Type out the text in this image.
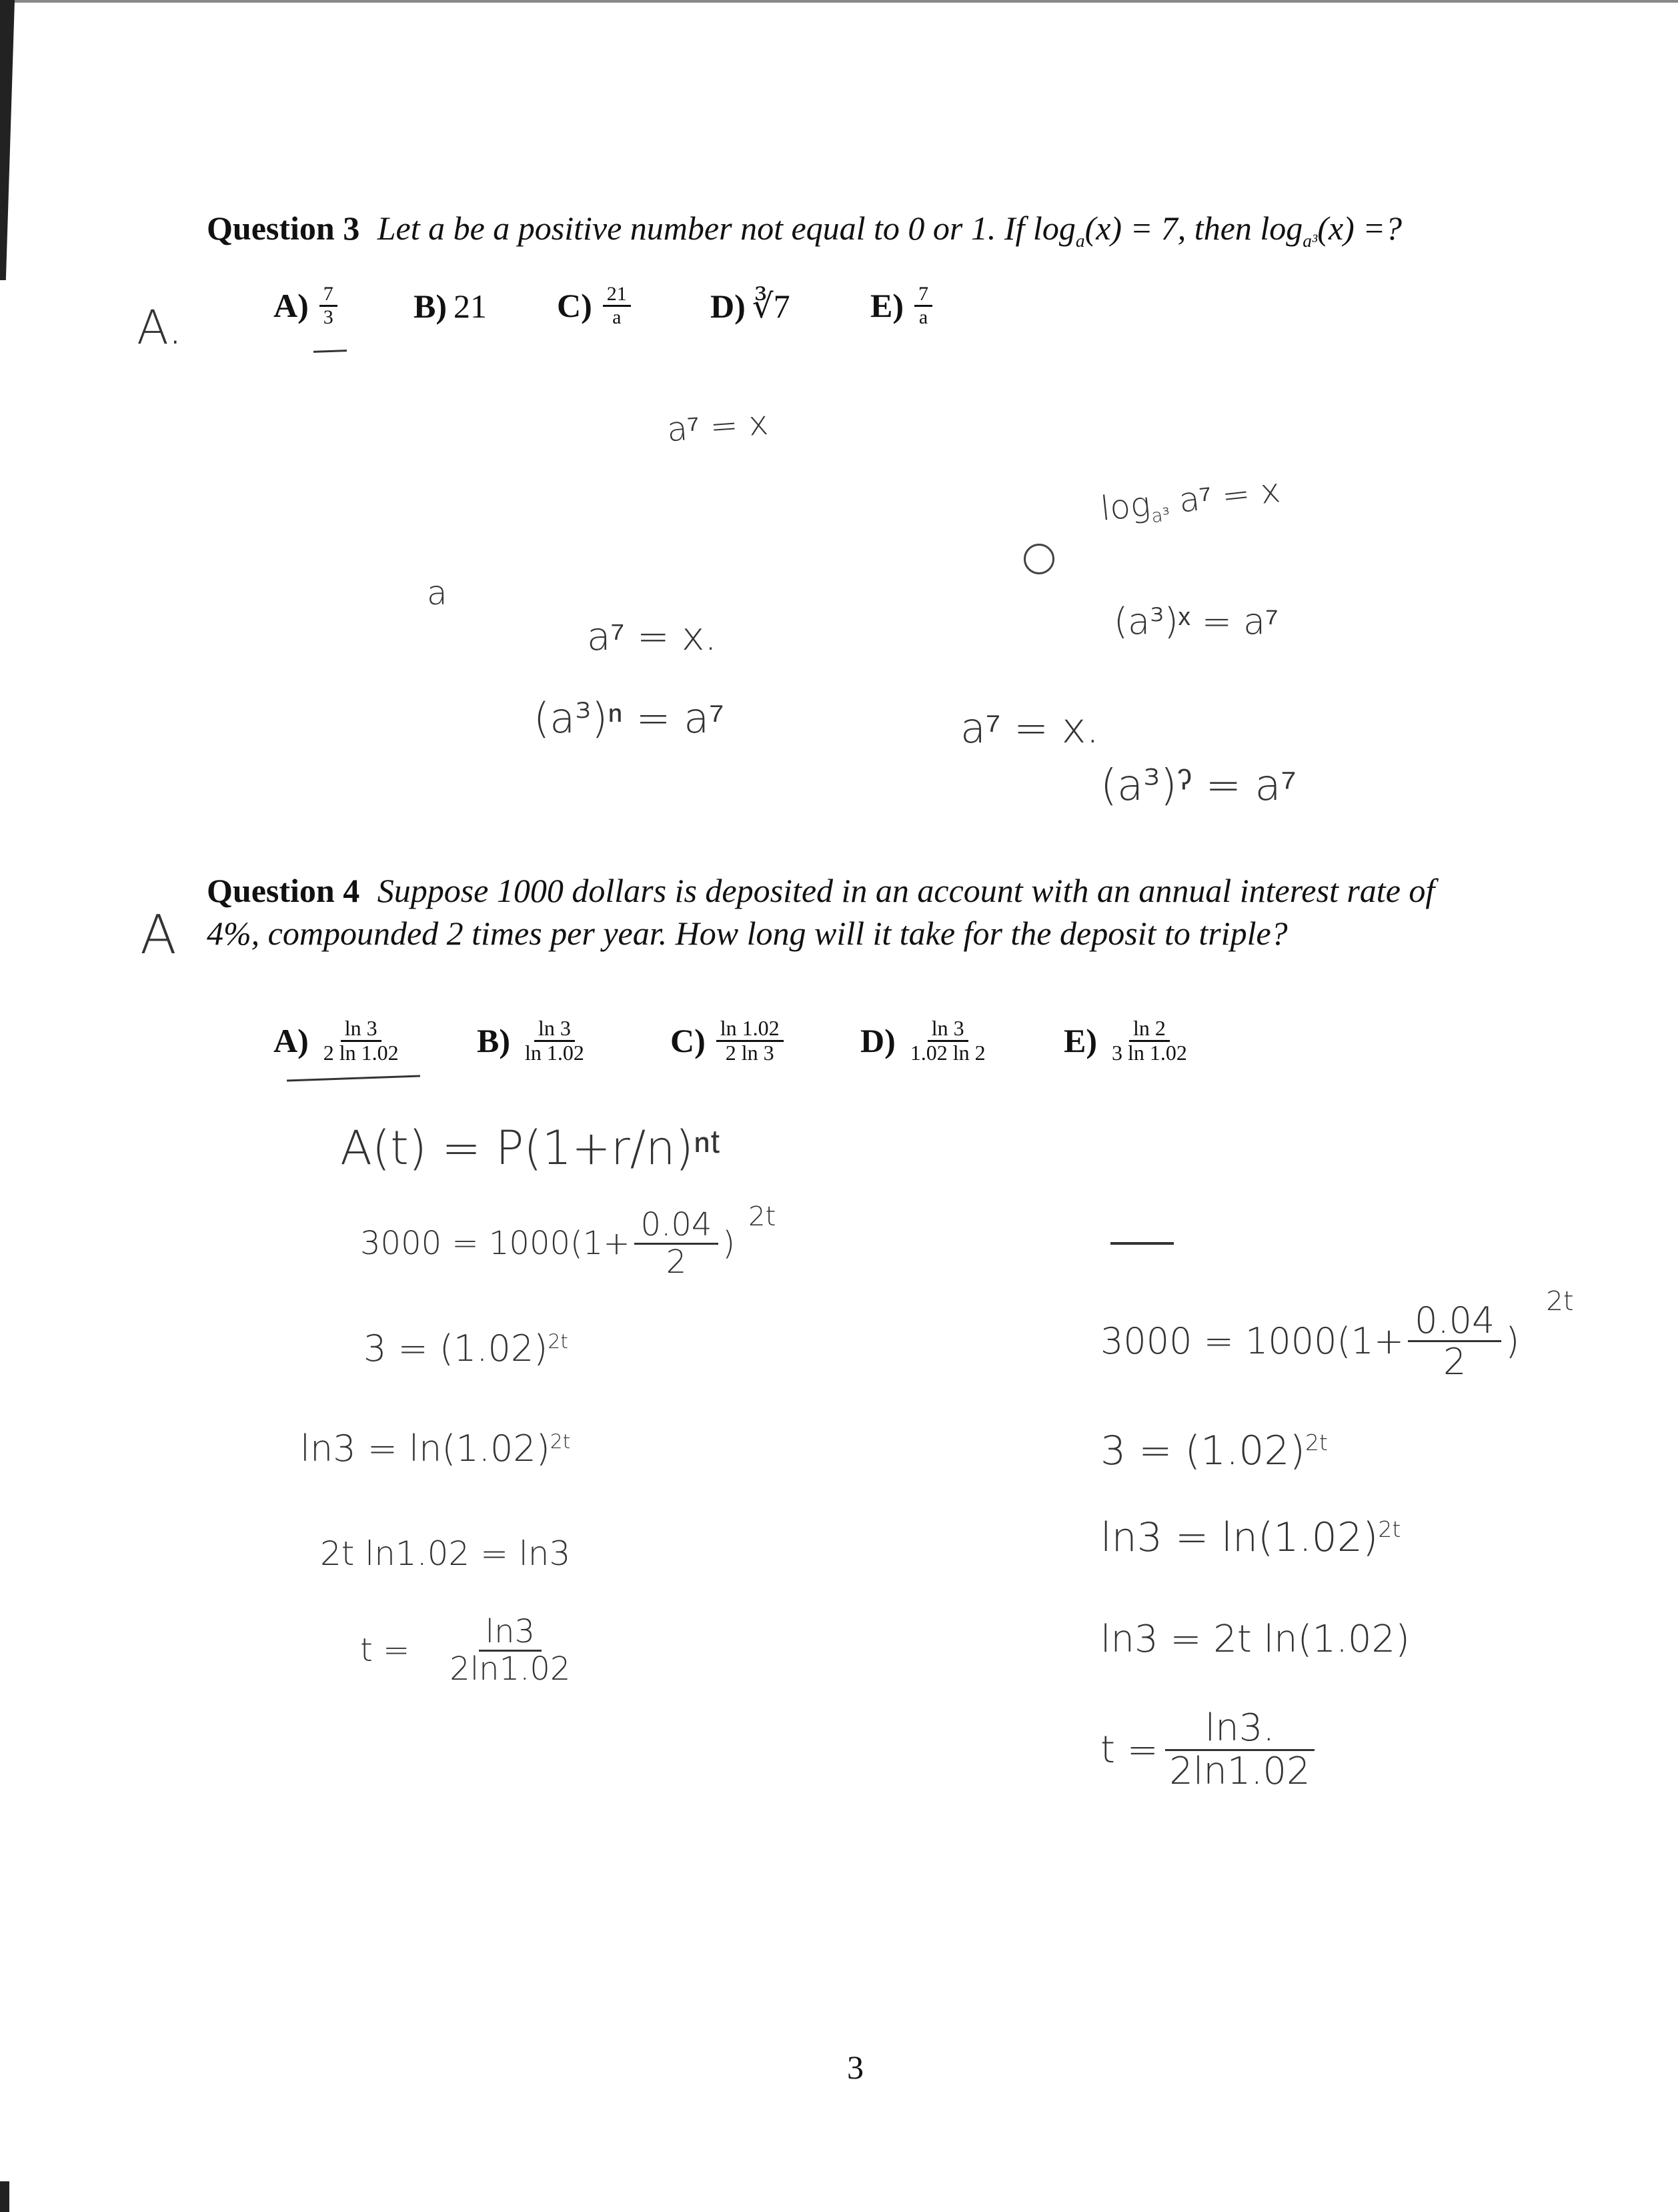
Question 3 Let a be a positive number not equal to 0 or 1. If $\log_a(x) = 7$, then $\log_{a^3}(x)$ =?
A.	$A) \frac{7}{3} B$) 21 $C) \frac{21}{a} D$) ∛7 $E) \frac{7}{a}$
a⁷ = x
a
a⁷ = x.
(a³)ⁿ = a⁷
$\log_{a^3} a^7 = x$
(a³)ˣ = a⁷
a⁷ = x.
(a³)ˀ = a⁷
Question 4 Suppose 1000 dollars is deposited in an account with an annual interest rate of
4%, compounded 2 times per year. How long will it take for the deposit to triple?
A
$A) \frac{\ln 3}{2 \ln 1.02} B) \frac{\ln 3}{\ln 1.02} C) \frac{\ln 1.02}{2 \ln 3} D) \frac{\ln 3}{1.02 \ln 2} E) \frac{\ln 2}{3 \ln 1.02}$
A(t) = P(1+r/n)ⁿᵗ
$3000 = 1000(1+ \frac{0.04}{2}$ )
2t
$3 = (1.02)^{2t}$
$\ln 3 = \ln(1.02)^{2t}$
2t ln1.02 = ln3
$t = \frac{\ln 3}{2\ln 1.02}$
$3000 = 1000(1+ \frac{0.04}{2}$ )
2t
$3 = (1.02)^{2t}$
$\ln 3 = \ln(1.02)^{2t}$
ln3 = 2t ln(1.02)
$t = \frac{\ln 3.}{2\ln 1.02}$
3
